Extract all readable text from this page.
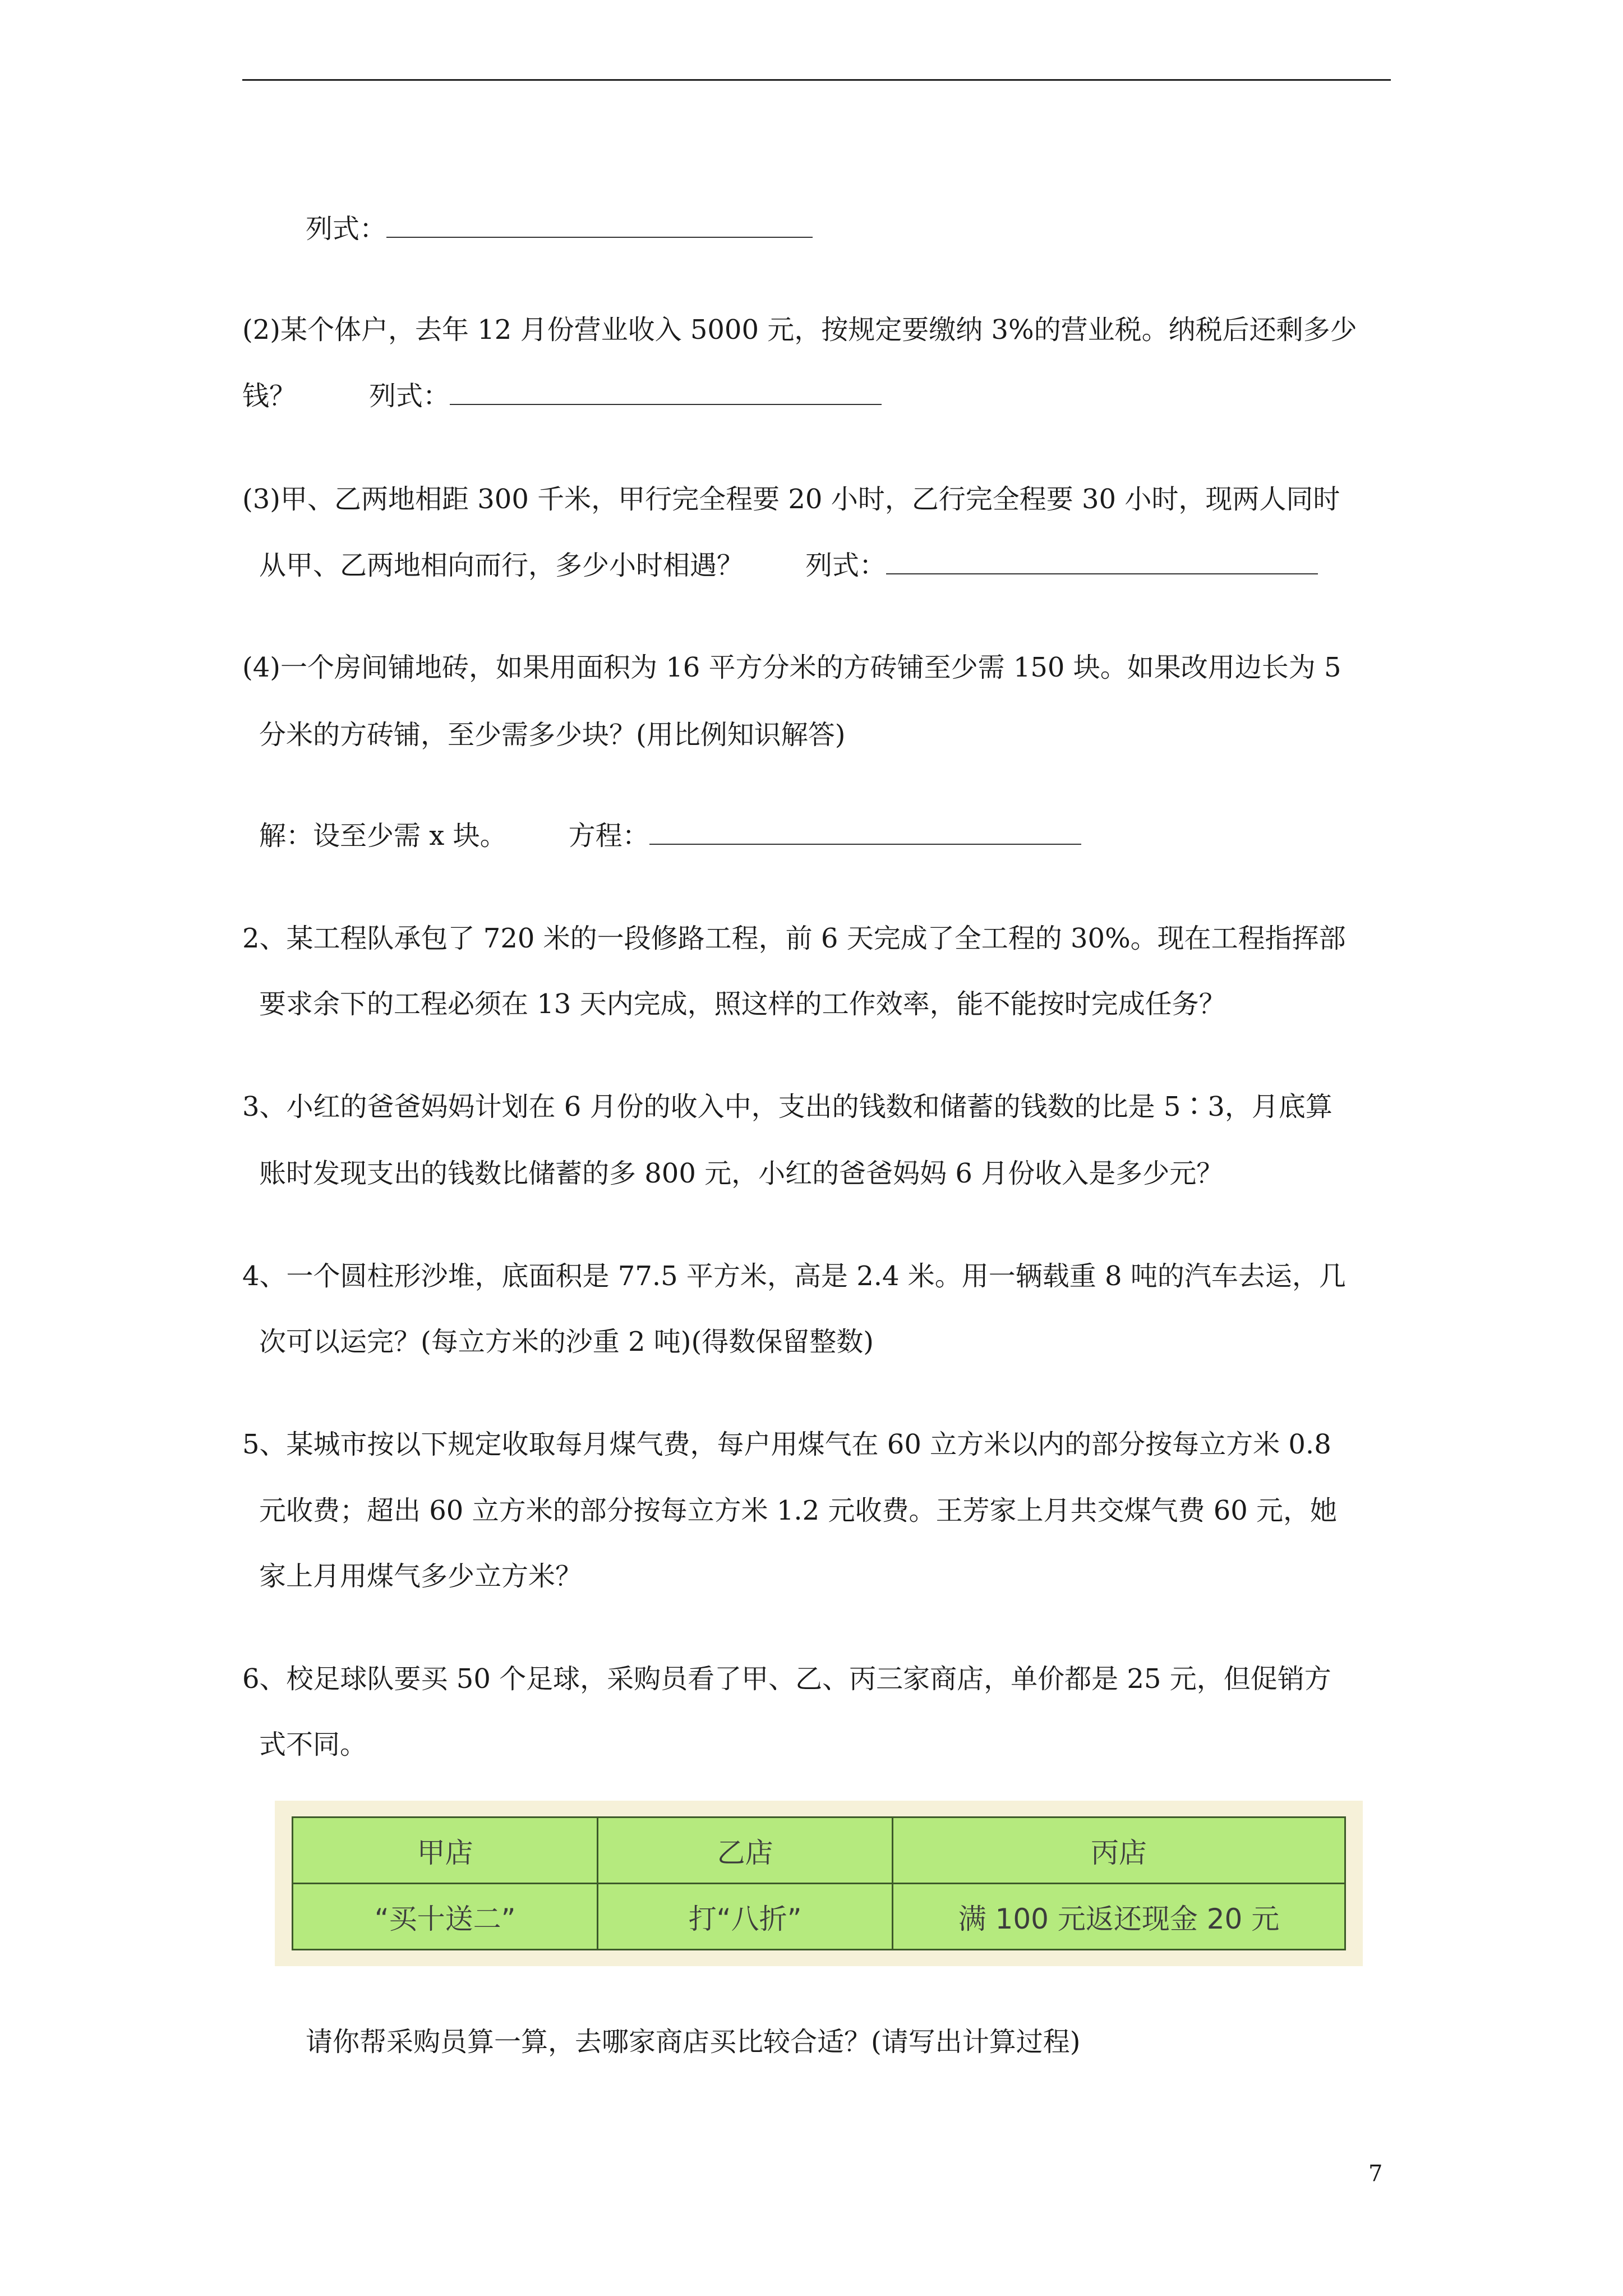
列式：
(2)某个体户，去年 12 月份营业收入 5000 元，按规定要缴纳 3%的营业税。纳税后还剩多少
钱？	列式：
(3)甲、乙两地相距 300 千米，甲行完全程要 20 小时，乙行完全程要 30 小时，现两人同时
从甲、乙两地相向而行，多少小时相遇？ 列式：
(4)一个房间铺地砖，如果用面积为 16 平方分米的方砖铺至少需 150 块。如果改用边长为 5
分米的方砖铺，至少需多少块？(用比例知识解答)
解：设至少需 x 块。 方程：
2、某工程队承包了 720 米的一段修路工程，前 6 天完成了全工程的 30%。现在工程指挥部
要求余下的工程必须在 13 天内完成，照这样的工作效率，能不能按时完成任务？
3、小红的爸爸妈妈计划在 6 月份的收入中，支出的钱数和储蓄的钱数的比是 5∶3，月底算
账时发现支出的钱数比储蓄的多 800 元，小红的爸爸妈妈 6 月份收入是多少元？
4、一个圆柱形沙堆，底面积是 77.5 平方米，高是 2.4 米。用一辆载重 8 吨的汽车去运，几
次可以运完？(每立方米的沙重 2 吨)(得数保留整数)
5、某城市按以下规定收取每月煤气费，每户用煤气在 60 立方米以内的部分按每立方米 0.8
元收费；超出 60 立方米的部分按每立方米 1.2 元收费。王芳家上月共交煤气费 60 元，她
家上月用煤气多少立方米？
6、校足球队要买 50 个足球，采购员看了甲、乙、丙三家商店，单价都是 25 元，但促销方
式不同。
甲店	乙店	丙店
“买十送二”	打“八折”	满 100 元返还现金 20 元
请你帮采购员算一算，去哪家商店买比较合适？(请写出计算过程)
7
